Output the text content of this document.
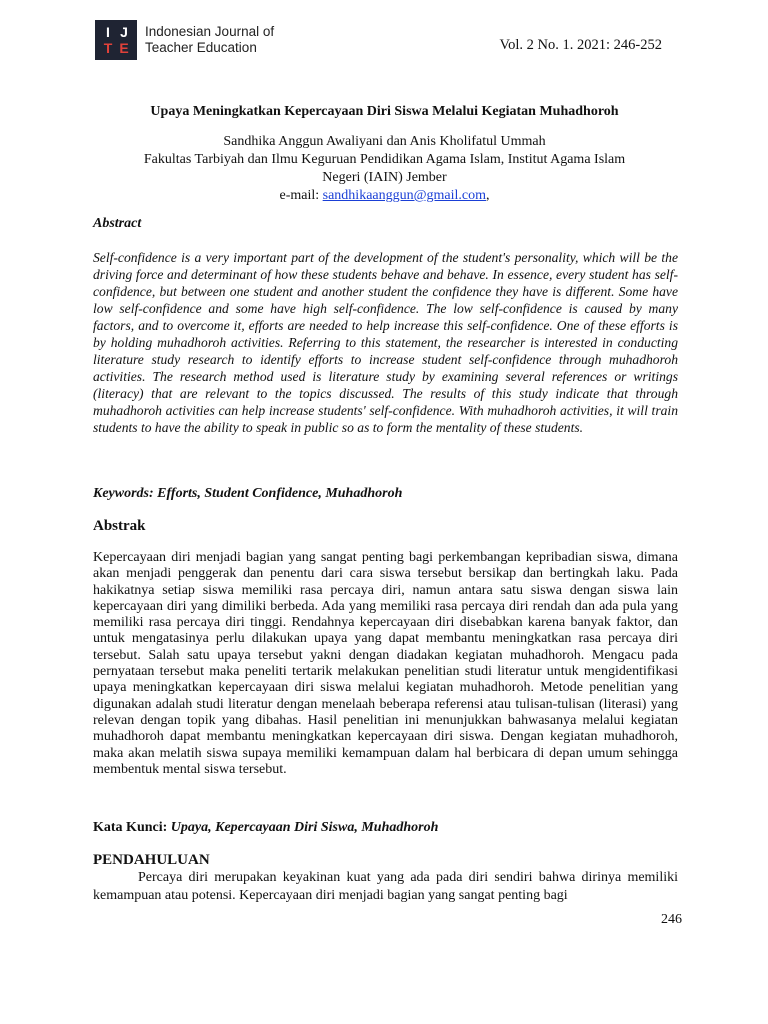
I J
T E
Indonesian Journal of
Teacher Education	Vol. 2 No. 1. 2021: 246-252
Upaya Meningkatkan Kepercayaan Diri Siswa Melalui Kegiatan Muhadhoroh
Sandhika Anggun Awaliyani dan Anis Kholifatul Ummah
Fakultas Tarbiyah dan Ilmu Keguruan Pendidikan Agama Islam, Institut Agama Islam
Negeri (IAIN) Jember
e-mail: sandhikaanggun@gmail.com,
Abstract

Self-confidence is a very important part of the development of the student's personality, which will be the driving force and determinant of how these students behave and behave. In essence, every student has self-confidence, but between one student and another student the confidence they have is different. Some have low self-confidence and some have high self-confidence. The low self-confidence is caused by many factors, and to overcome it, efforts are needed to help increase this self-confidence. One of these efforts is by holding muhadhoroh activities. Referring to this statement, the researcher is interested in conducting literature study research to identify efforts to increase student self-confidence through muhadhoroh activities. The research method used is literature study by examining several references or writings (literacy) that are relevant to the topics discussed. The results of this study indicate that through muhadhoroh activities can help increase students' self-confidence. With muhadhoroh activities, it will train students to have the ability to speak in public so as to form the mentality of these students.

Keywords: Efforts, Student Confidence, Muhadhoroh
Abstrak

Kepercayaan diri menjadi bagian yang sangat penting bagi perkembangan kepribadian siswa, dimana akan menjadi penggerak dan penentu dari cara siswa tersebut bersikap dan bertingkah laku. Pada hakikatnya setiap siswa memiliki rasa percaya diri, namun antara satu siswa dengan siswa lain kepercayaan diri yang dimiliki berbeda. Ada yang memiliki rasa percaya diri rendah dan ada pula yang memiliki rasa percaya diri tinggi. Rendahnya kepercayaan diri disebabkan karena banyak faktor, dan untuk mengatasinya perlu dilakukan upaya yang dapat membantu meningkatkan rasa percaya diri tersebut. Salah satu upaya tersebut yakni dengan diadakan kegiatan muhadhoroh. Mengacu pada pernyataan tersebut maka peneliti tertarik melakukan penelitian studi literatur untuk mengidentifikasi upaya meningkatkan kepercayaan diri siswa melalui kegiatan muhadhoroh. Metode penelitian yang digunakan adalah studi literatur dengan menelaah beberapa referensi atau tulisan-tulisan (literasi) yang relevan dengan topik yang dibahas. Hasil penelitian ini menunjukkan bahwasanya melalui kegiatan muhadhoroh dapat membantu meningkatkan kepercayaan diri siswa. Dengan kegiatan muhadhoroh, maka akan melatih siswa supaya memiliki kemampuan dalam hal berbicara di depan umum sehingga membentuk mental siswa tersebut.

Kata Kunci: Upaya, Kepercayaan Diri Siswa, Muhadhoroh
PENDAHULUAN

Percaya diri merupakan keyakinan kuat yang ada pada diri sendiri bahwa dirinya memiliki kemampuan atau potensi. Kepercayaan diri menjadi bagian yang sangat penting bagi

246
